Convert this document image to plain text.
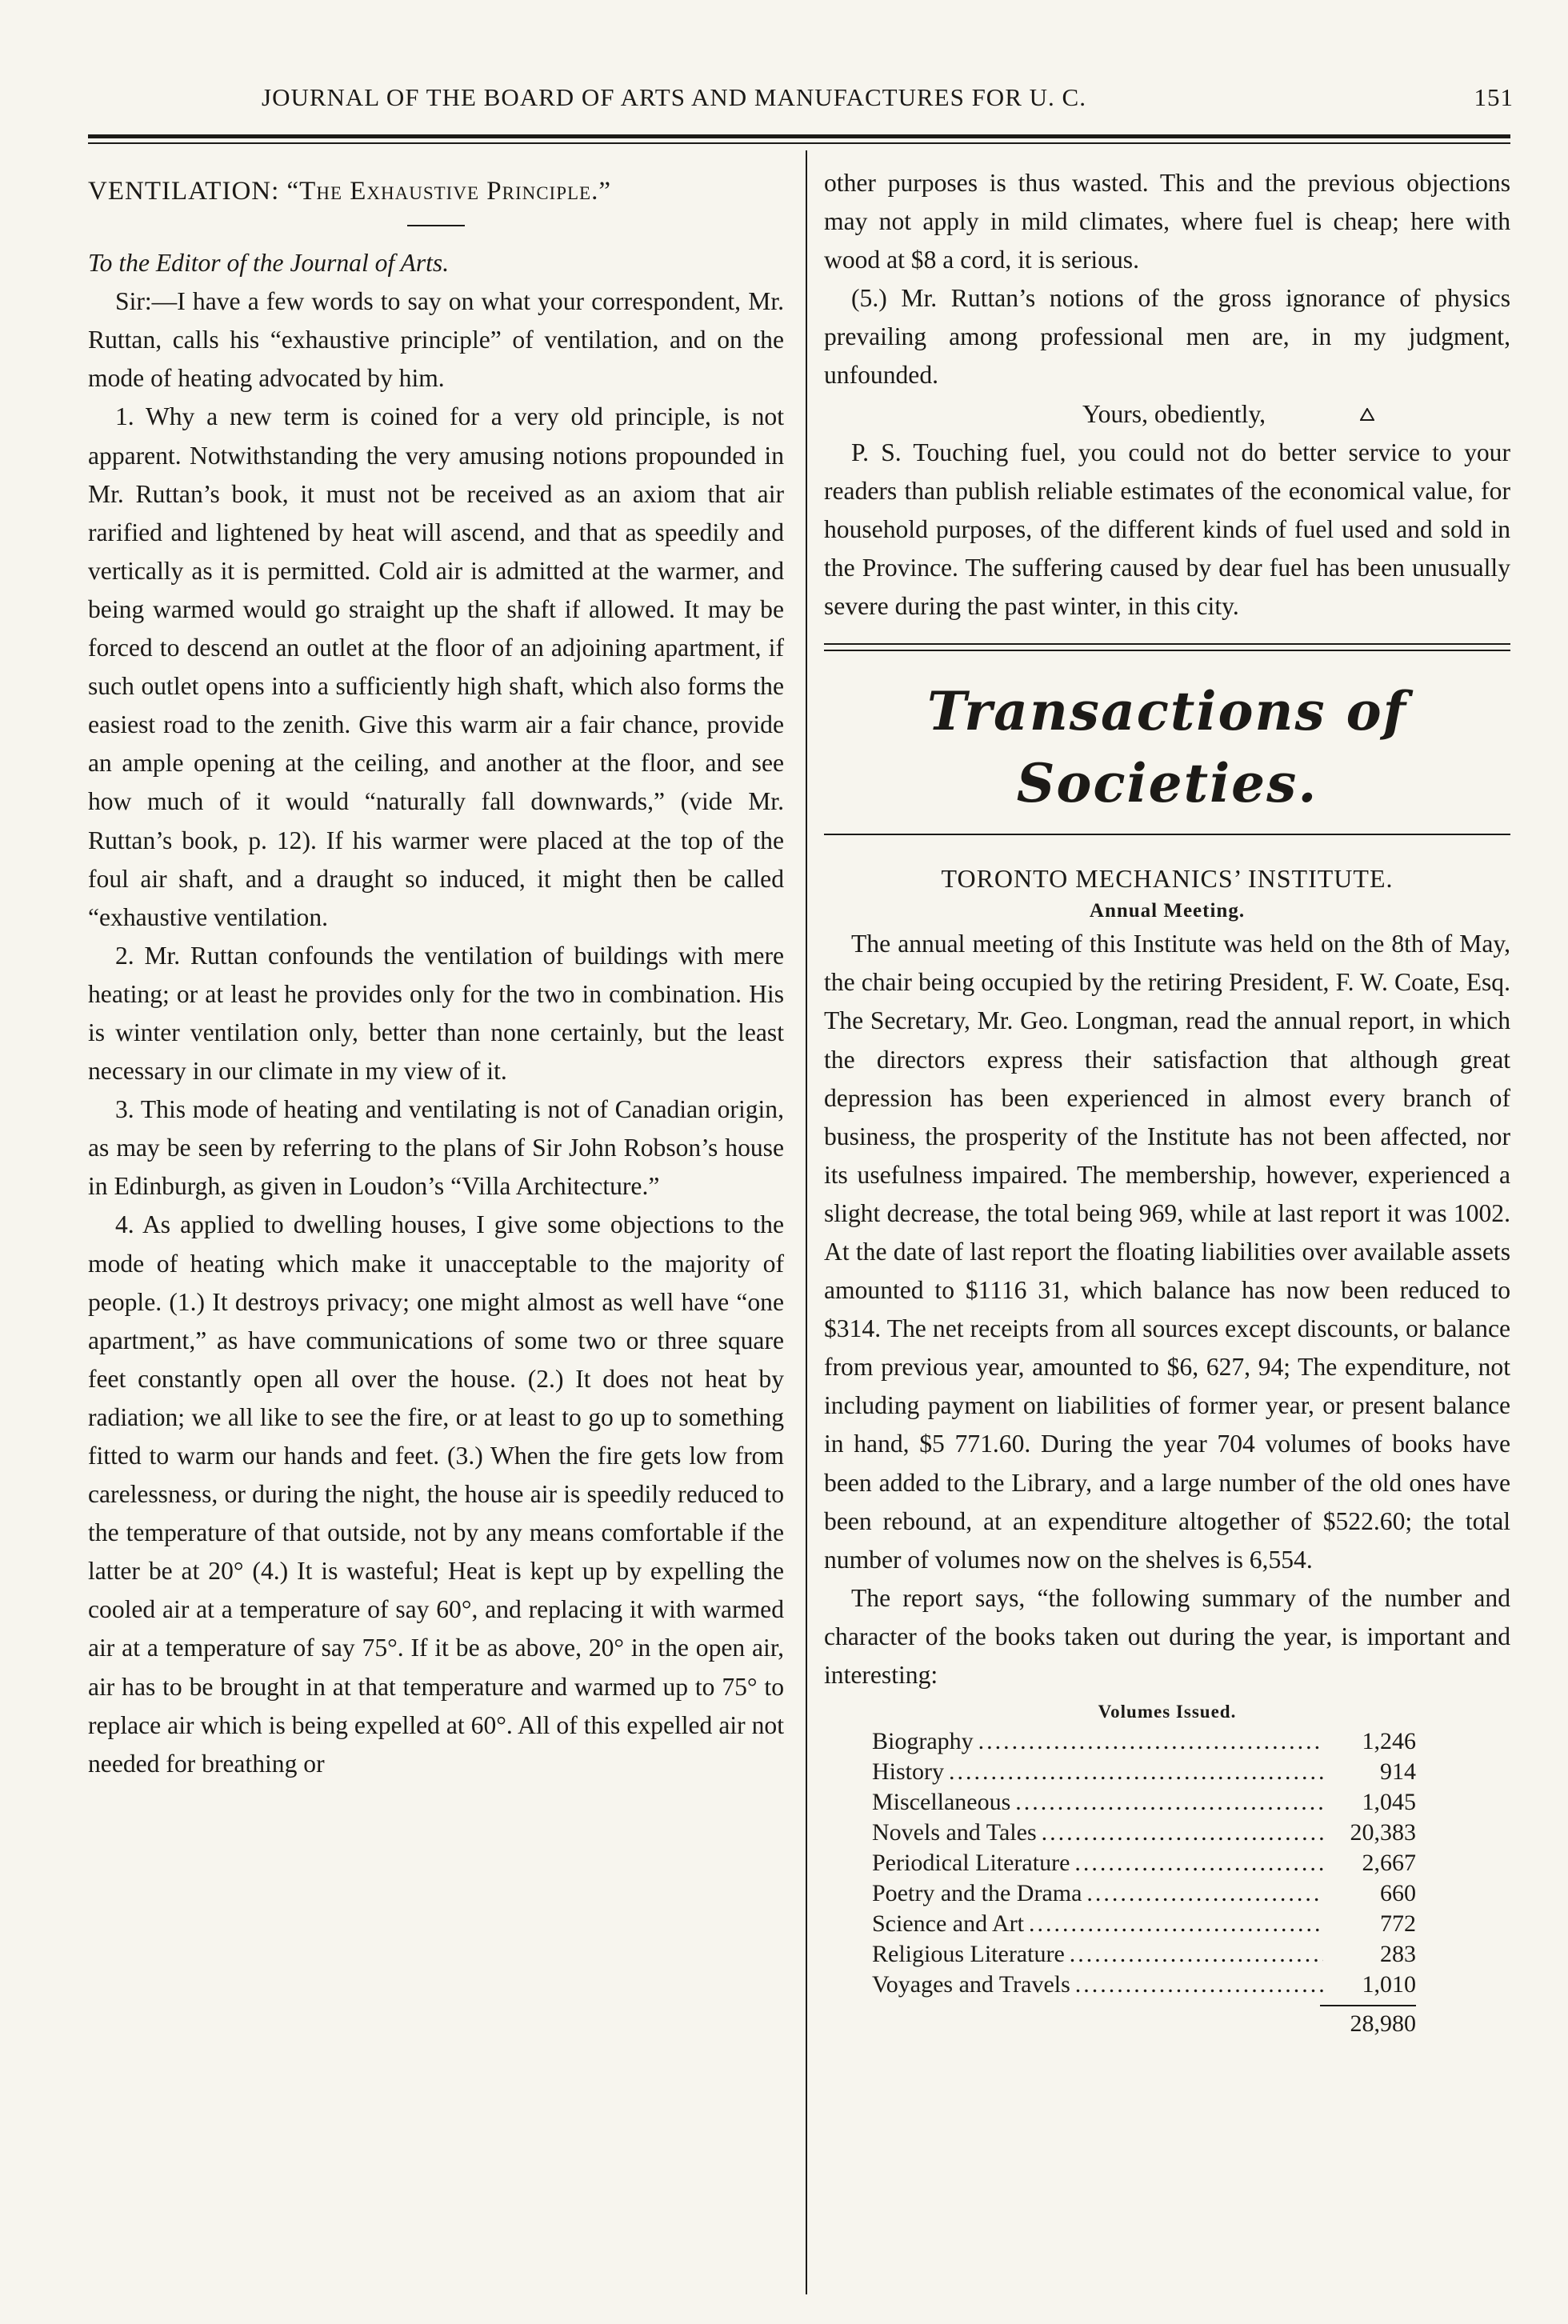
JOURNAL OF THE BOARD OF ARTS AND MANUFACTURES FOR U. C.	151
VENTILATION: “The Exhaustive Principle.”

To the Editor of the Journal of Arts.

Sir:—I have a few words to say on what your correspondent, Mr. Ruttan, calls his “exhaustive principle” of ventilation, and on the mode of heating advocated by him.

1. Why a new term is coined for a very old principle, is not apparent. Notwithstanding the very amusing notions propounded in Mr. Ruttan’s book, it must not be received as an axiom that air rarified and lightened by heat will ascend, and that as speedily and vertically as it is permitted. Cold air is admitted at the warmer, and being warmed would go straight up the shaft if allowed. It may be forced to descend an outlet at the floor of an adjoining apartment, if such outlet opens into a sufficiently high shaft, which also forms the easiest road to the zenith. Give this warm air a fair chance, provide an ample opening at the ceiling, and another at the floor, and see how much of it would “naturally fall downwards,” (vide Mr. Ruttan’s book, p. 12). If his warmer were placed at the top of the foul air shaft, and a draught so induced, it might then be called “exhaustive ventilation.

2. Mr. Ruttan confounds the ventilation of buildings with mere heating; or at least he provides only for the two in combination. His is winter ventilation only, better than none certainly, but the least necessary in our climate in my view of it.

3. This mode of heating and ventilating is not of Canadian origin, as may be seen by referring to the plans of Sir John Robson’s house in Edinburgh, as given in Loudon’s “Villa Architecture.”

4. As applied to dwelling houses, I give some objections to the mode of heating which make it unacceptable to the majority of people. (1.) It destroys privacy; one might almost as well have “one apartment,” as have communications of some two or three square feet constantly open all over the house. (2.) It does not heat by radiation; we all like to see the fire, or at least to go up to something fitted to warm our hands and feet. (3.) When the fire gets low from carelessness, or during the night, the house air is speedily reduced to the temperature of that outside, not by any means comfortable if the latter be at 20° (4.) It is wasteful; Heat is kept up by expelling the cooled air at a temperature of say 60°, and replacing it with warmed air at a temperature of say 75°. If it be as above, 20° in the open air, air has to be brought in at that temperature and warmed up to 75° to replace air which is being expelled at 60°. All of this expelled air not needed for breathing or

other purposes is thus wasted. This and the previous objections may not apply in mild climates, where fuel is cheap; here with wood at $8 a cord, it is serious.

(5.) Mr. Ruttan’s notions of the gross ignorance of physics prevailing among professional men are, in my judgment, unfounded.

Yours, obediently,

P. S. Touching fuel, you could not do better service to your readers than publish reliable estimates of the economical value, for household purposes, of the different kinds of fuel used and sold in the Province. The suffering caused by dear fuel has been unusually severe during the past winter, in this city.

Transactions of Societies.

TORONTO MECHANICS’ INSTITUTE.

Annual Meeting.

The annual meeting of this Institute was held on the 8th of May, the chair being occupied by the retiring President, F. W. Coate, Esq. The Secretary, Mr. Geo. Longman, read the annual report, in which the directors express their satisfaction that although great depression has been experienced in almost every branch of business, the prosperity of the Institute has not been affected, nor its usefulness impaired. The membership, however, experienced a slight decrease, the total being 969, while at last report it was 1002. At the date of last report the floating liabilities over available assets amounted to $1116 31, which balance has now been reduced to $314. The net receipts from all sources except discounts, or balance from previous year, amounted to $6, 627, 94; The expenditure, not including payment on liabilities of former year, or present balance in hand, $5 771.60. During the year 704 volumes of books have been added to the Library, and a large number of the old ones have been rebound, at an expenditure altogether of $522.60; the total number of volumes now on the shelves is 6,554.

The report says, “the following summary of the number and character of the books taken out during the year, is important and interesting:

Volumes Issued.
Biography .....	1,246
History .....	914
Miscellaneous .....	1,045
Novels and Tales .....	20,383
Periodical Literature .....	2,667
Poetry and the Drama .....	660
Science and Art .....	772
Religious Literature .....	283
Voyages and Travels .....	1,010
28,980
